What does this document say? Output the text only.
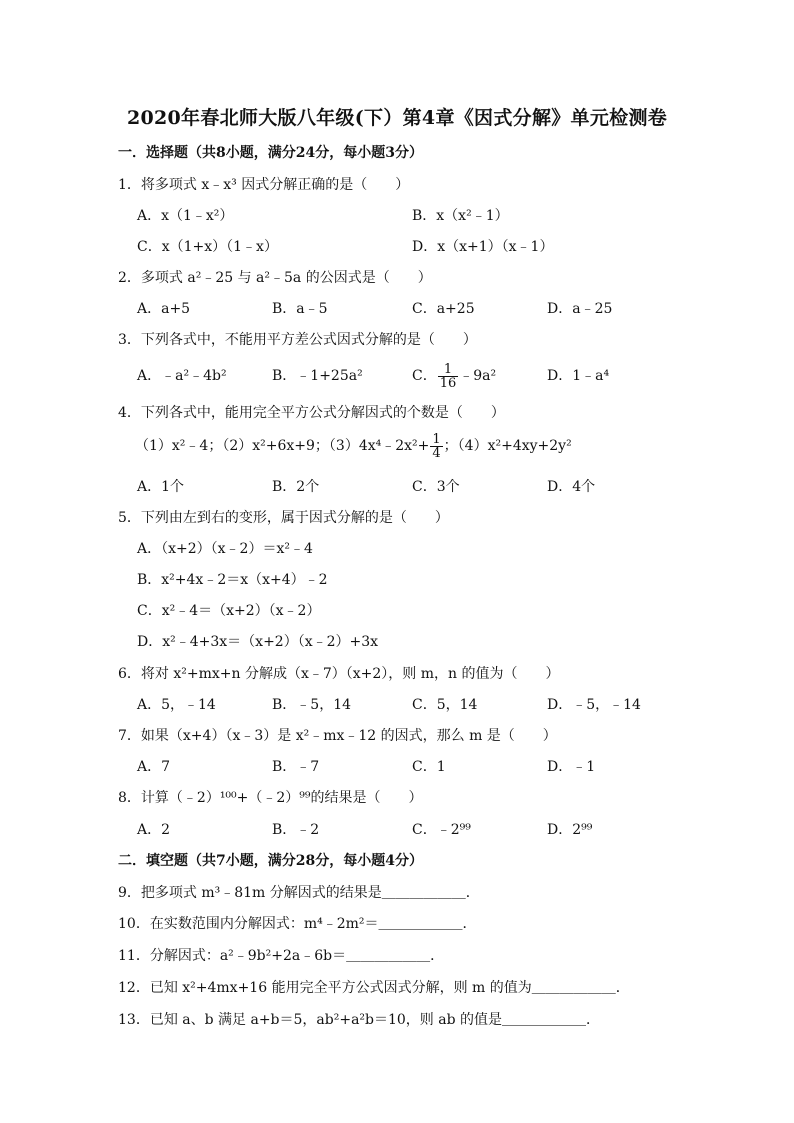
2020年春北师大版八年级(下）第4章《因式分解》单元检测卷
一．选择题（共8小题，满分24分，每小题3分）
1．将多项式 x﹣x³ 因式分解正确的是（　　）
A．x（1﹣x²）	B．x（x²﹣1）
C．x（1+x）（1﹣x）	D．x（x+1）（x﹣1）
2．多项式 a²﹣25 与 a²﹣5a 的公因式是（　　）
A．a+5	B．a﹣5	C．a+25	D．a﹣25
3．下列各式中，不能用平方差公式因式分解的是（　　）
A．﹣a²﹣4b²	B．﹣1+25a²	C． $\frac{1}{16}$ ﹣9a²	D．1﹣a⁴
4．下列各式中，能用完全平方公式分解因式的个数是（　　）
（1）x²﹣4；（2）x²+6x+9；（3）4x⁴﹣2x²+ $\frac{1}{4}$ ；（4）x²+4xy+2y²
A．1个	B．2个	C．3个	D．4个
5．下列由左到右的变形，属于因式分解的是（　　）
A．（x+2）（x﹣2）＝x²﹣4
B．x²+4x﹣2＝x（x+4）﹣2
C．x²﹣4＝（x+2）（x﹣2）
D．x²﹣4+3x＝（x+2）（x﹣2）+3x
6．将对 x²+mx+n 分解成（x﹣7）（x+2），则 m，n 的值为（　　）
A．5，﹣14	B．﹣5，14	C．5，14	D．﹣5，﹣14
7．如果（x+4）（x﹣3）是 x²﹣mx﹣12 的因式，那么 m 是（　　）
A．7	B．﹣7	C．1	D．﹣1
8．计算（﹣2）¹⁰⁰+（﹣2）⁹⁹的结果是（　　）
A．2	B．﹣2	C．﹣2⁹⁹	D．2⁹⁹
二．填空题（共7小题，满分28分，每小题4分）
9．把多项式 m³﹣81m 分解因式的结果是＿＿＿＿＿＿．
10．在实数范围内分解因式：m⁴﹣2m²＝＿＿＿＿＿＿．
11．分解因式：a²﹣9b²+2a﹣6b＝＿＿＿＿＿＿．
12．已知 x²+4mx+16 能用完全平方公式因式分解，则 m 的值为＿＿＿＿＿＿．
13．已知 a、b 满足 a+b＝5，ab²+a²b＝10，则 ab 的值是＿＿＿＿＿＿．
